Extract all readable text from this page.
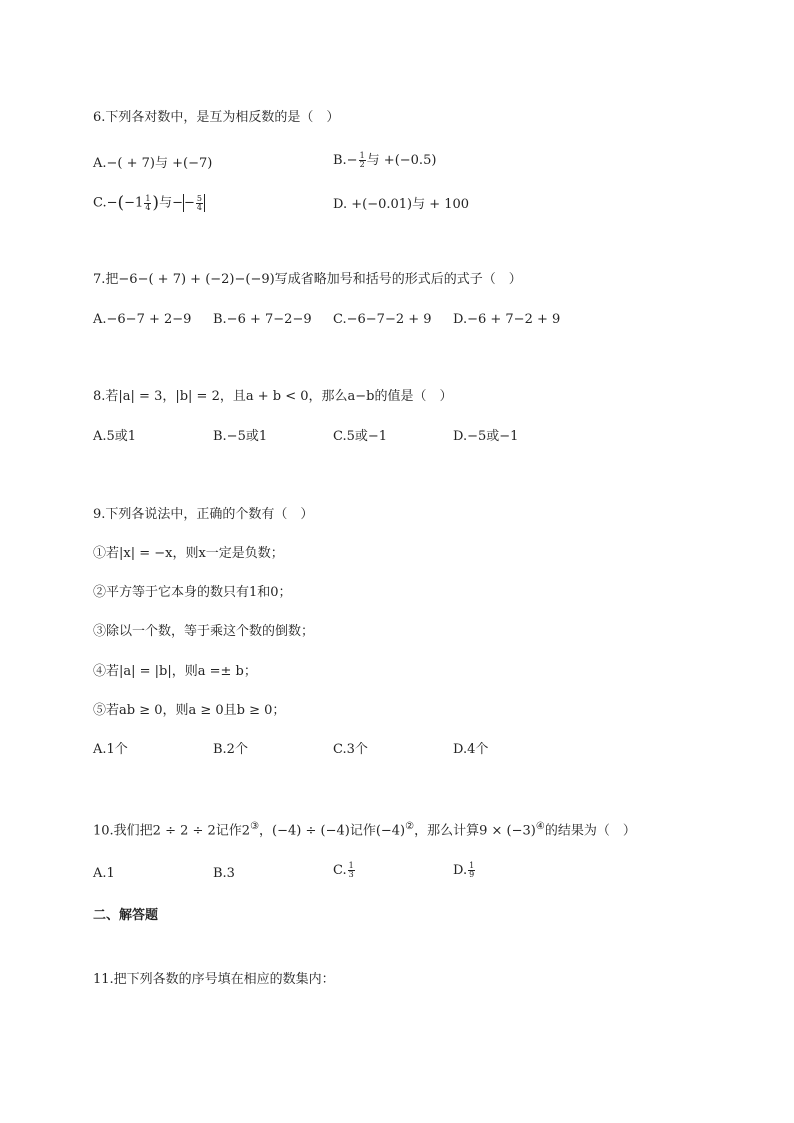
6.下列各对数中，是互为相反数的是（　）
A.−( + 7)与 +(−7)	$B.- \frac{1}{2}$ 与 +(−0.5)
$C.-(-1 \frac{1}{4}$ )与−− $\frac{5}{4}$	D. +(−0.01)与 + 100
7.把−6−( + 7) + (−2)−(−9)写成省略加号和括号的形式后的式子（　）
A.−6−7 + 2−9 B.−6 + 7−2−9 C.−6−7−2 + 9 D.−6 + 7−2 + 9
8.若|a| = 3，|b| = 2，且a + b < 0，那么a−b的值是（　）
A.5或1	B.−5或1	C.5或−1	D.−5或−1
9.下列各说法中，正确的个数有（　）
①若|x| = −x，则x一定是负数；
②平方等于它本身的数只有1和0；
③除以一个数，等于乘这个数的倒数；
④若|a| = |b|，则a =± b；
⑤若ab ≥ 0，则a ≥ 0且b ≥ 0；
A.1个	B.2个	C.3个	D.4个
10.我们把2 ÷ 2 ÷ 2记作2③，(−4) ÷ (−4)记作(−4)②，那么计算9 × (−3)④的结果为（　）
A.1	B.3	C. $\frac{1}{3}$	D. $\frac{1}{9}$
二、解答题
11.把下列各数的序号填在相应的数集内：
